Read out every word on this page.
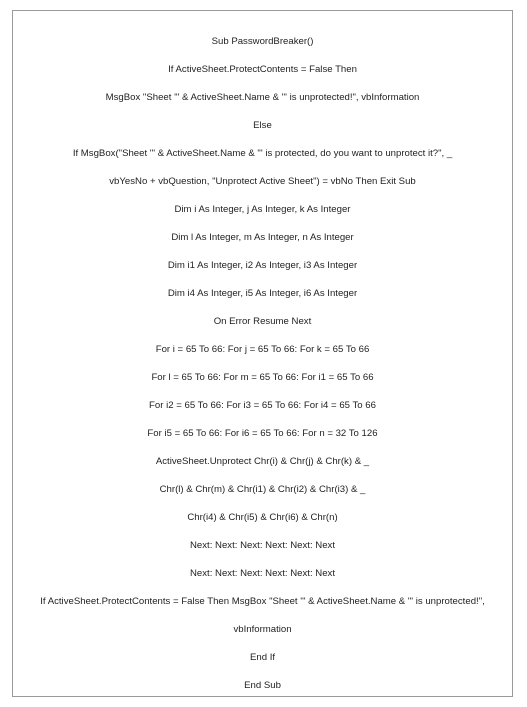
Sub PasswordBreaker()
If ActiveSheet.ProtectContents = False Then
MsgBox "Sheet '" & ActiveSheet.Name & "' is unprotected!", vbInformation
Else
If MsgBox("Sheet '" & ActiveSheet.Name & "' is protected, do you want to unprotect it?", _
vbYesNo + vbQuestion, "Unprotect Active Sheet") = vbNo Then Exit Sub
Dim i As Integer, j As Integer, k As Integer
Dim l As Integer, m As Integer, n As Integer
Dim i1 As Integer, i2 As Integer, i3 As Integer
Dim i4 As Integer, i5 As Integer, i6 As Integer
On Error Resume Next
For i = 65 To 66: For j = 65 To 66: For k = 65 To 66
For l = 65 To 66: For m = 65 To 66: For i1 = 65 To 66
For i2 = 65 To 66: For i3 = 65 To 66: For i4 = 65 To 66
For i5 = 65 To 66: For i6 = 65 To 66: For n = 32 To 126
ActiveSheet.Unprotect Chr(i) & Chr(j) & Chr(k) & _
Chr(l) & Chr(m) & Chr(i1) & Chr(i2) & Chr(i3) & _
Chr(i4) & Chr(i5) & Chr(i6) & Chr(n)
Next: Next: Next: Next: Next: Next
Next: Next: Next: Next: Next: Next
If ActiveSheet.ProtectContents = False Then MsgBox "Sheet '" & ActiveSheet.Name & "' is unprotected!",
vbInformation
End If
End Sub
